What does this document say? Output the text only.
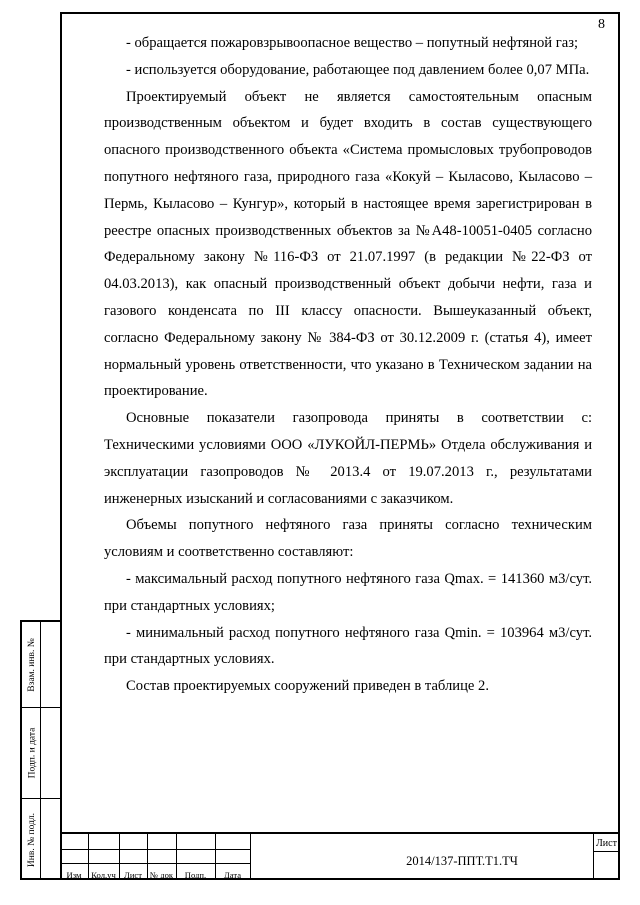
8

- обращается пожаровзрывоопасное вещество – попутный нефтяной газ;

- используется оборудование, работающее под давлением более 0,07 МПа.

Проектируемый объект не является самостоятельным опасным производственным объектом и будет входить в состав существующего опасного производственного объекта «Система промысловых трубопроводов попутного нефтяного газа, природного газа «Кокуй – Кыласово, Кыласово – Пермь, Кыласово – Кунгур», который в настоящее время зарегистрирован в реестре опасных производственных объектов за №А48-10051-0405 согласно Федеральному закону №116-ФЗ от 21.07.1997 (в редакции №22-ФЗ от 04.03.2013), как опасный производственный объект добычи нефти, газа и газового конденсата по III классу опасности. Вышеуказанный объект, согласно Федеральному закону № 384-ФЗ от 30.12.2009 г. (статья 4), имеет нормальный уровень ответственности, что указано в Техническом задании на проектирование.

Основные показатели газопровода приняты в соответствии с: Техническими условиями ООО «ЛУКОЙЛ-ПЕРМЬ» Отдела обслуживания и эксплуатации газопроводов № 2013.4 от 19.07.2013 г., результатами инженерных изысканий и согласованиями с заказчиком.

Объемы попутного нефтяного газа приняты согласно техническим условиям и соответственно составляют:

- максимальный расход попутного нефтяного газа Qmax. = 141360 м3/сут. при стандартных условиях;

- минимальный расход попутного нефтяного газа Qmin. = 103964 м3/сут. при стандартных условиях.

Состав проектируемых сооружений приведен в таблице 2.

Взам. инв. №
Подп. и дата
Инв. № подл.
Изм	Кол.уч Лист № док	Подп.	Дата
2014/137-ППТ.Т1.ТЧ
Лист
